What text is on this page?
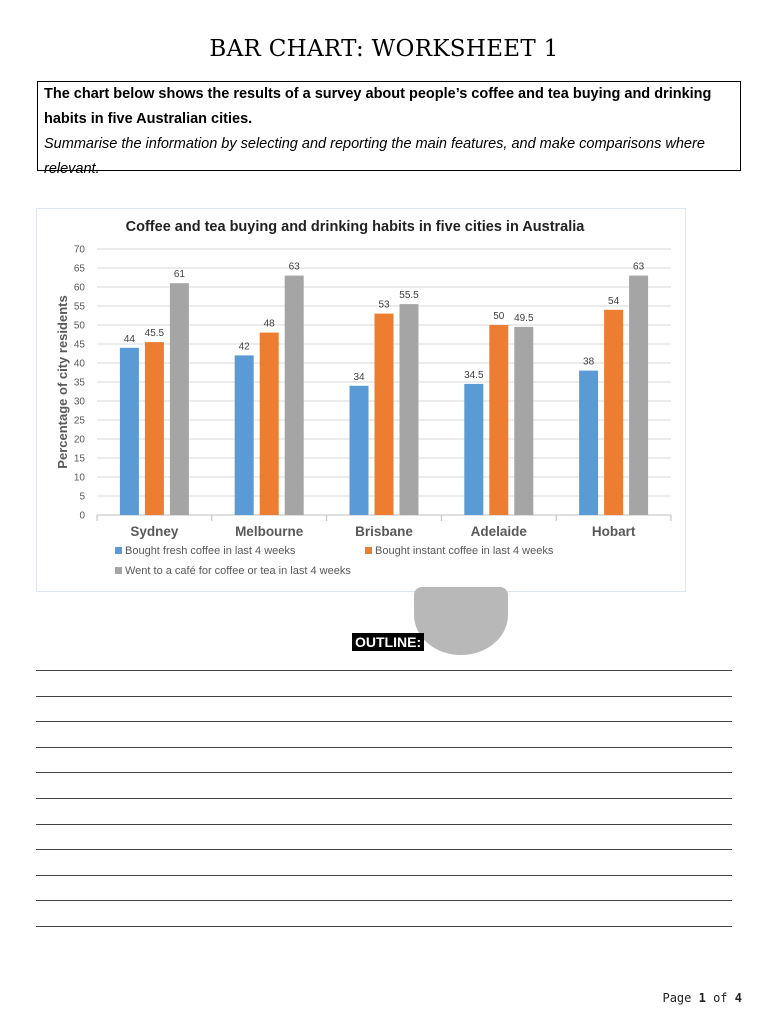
BAR CHART: WORKSHEET 1

The chart below shows the results of a survey about people’s coffee and tea buying and drinking habits in five Australian cities.

Summarise the information by selecting and reporting the main features, and make comparisons where relevant.

Coffee and tea buying and drinking habits in five cities in Australia
0
5
10
15
20
25
30
35
40
45
50
55
60
65
70
Percentage of city residents	44
45.5
61
Sydney
42
48
63
Melbourne
34
53
55.5
Brisbane
34.5
50 49.5
Adelaide
38
54
63
Hobart
Bought fresh coffee in last 4 weeks	Bought instant coffee in last 4 weeks
Went to a café for coffee or tea in last 4 weeks
OUTLINE:
Page 1 of 4
